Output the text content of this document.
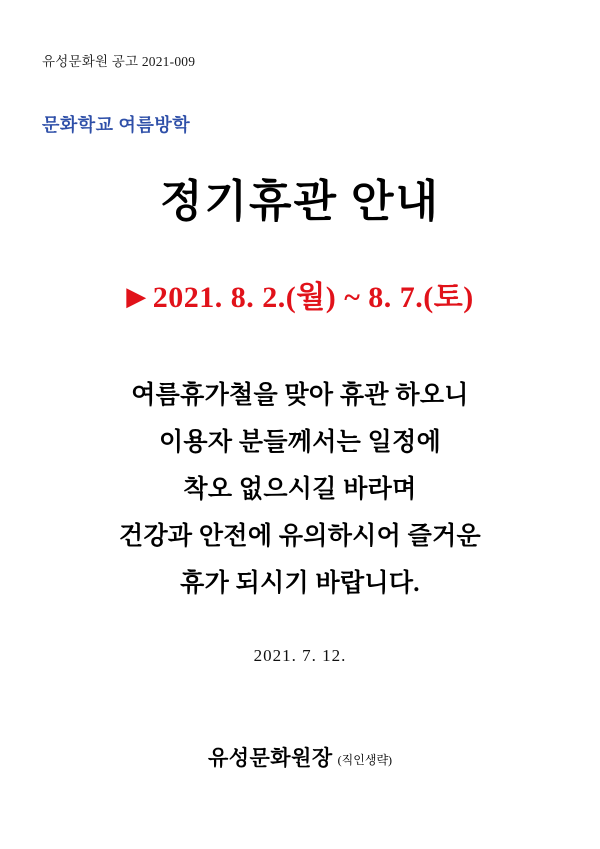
유성문화원 공고 2021-009
문화학교 여름방학
정기휴관 안내
▶ 2021. 8. 2.(월) ~ 8. 7.(토)
여름휴가철을 맞아 휴관 하오니
이용자 분들께서는 일정에
착오 없으시길 바라며
건강과 안전에 유의하시어 즐거운
휴가 되시기 바랍니다.
2021. 7. 12.
유성문화원장 (직인생략)
